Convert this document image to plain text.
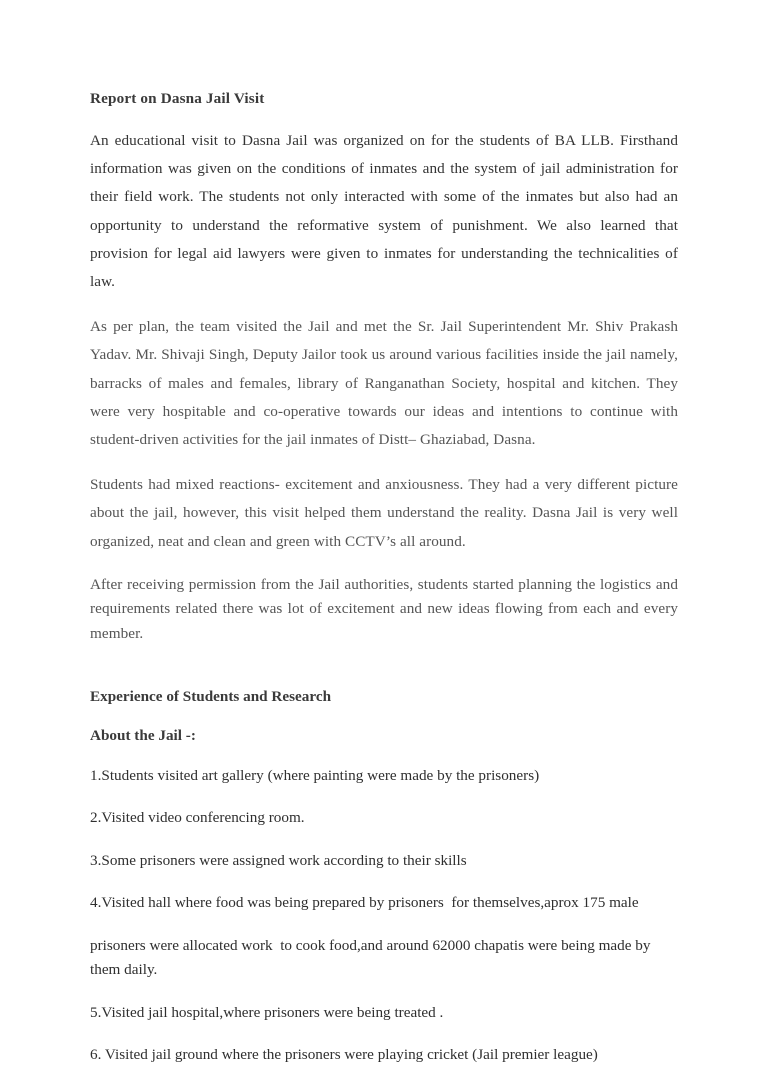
Report on Dasna Jail Visit

An educational visit to Dasna Jail was organized on for the students of BA LLB. Firsthand information was given on the conditions of inmates and the system of jail administration for their field work. The students not only interacted with some of the inmates but also had an opportunity to understand the reformative system of punishment. We also learned that provision for legal aid lawyers were given to inmates for understanding the technicalities of law.

As per plan, the team visited the Jail and met the Sr. Jail Superintendent Mr. Shiv Prakash Yadav. Mr. Shivaji Singh, Deputy Jailor took us around various facilities inside the jail namely, barracks of males and females, library of Ranganathan Society, hospital and kitchen. They were very hospitable and co-operative towards our ideas and intentions to continue with student-driven activities for the jail inmates of Distt– Ghaziabad, Dasna.

Students had mixed reactions- excitement and anxiousness. They had a very different picture about the jail, however, this visit helped them understand the reality. Dasna Jail is very well organized, neat and clean and green with CCTV’s all around.

After receiving permission from the Jail authorities, students started planning the logistics and requirements related there was lot of excitement and new ideas flowing from each and every member.

Experience of Students and Research
About the Jail -:

1.Students visited art gallery (where painting were made by the prisoners)

2.Visited video conferencing room.

3.Some prisoners were assigned work according to their skills

4.Visited hall where food was being prepared by prisoners  for themselves,aprox 175 male

prisoners were allocated work  to cook food,and around 62000 chapatis were being made by them daily.

5.Visited jail hospital,where prisoners were being treated .

6. Visited jail ground where the prisoners were playing cricket (Jail premier league)
